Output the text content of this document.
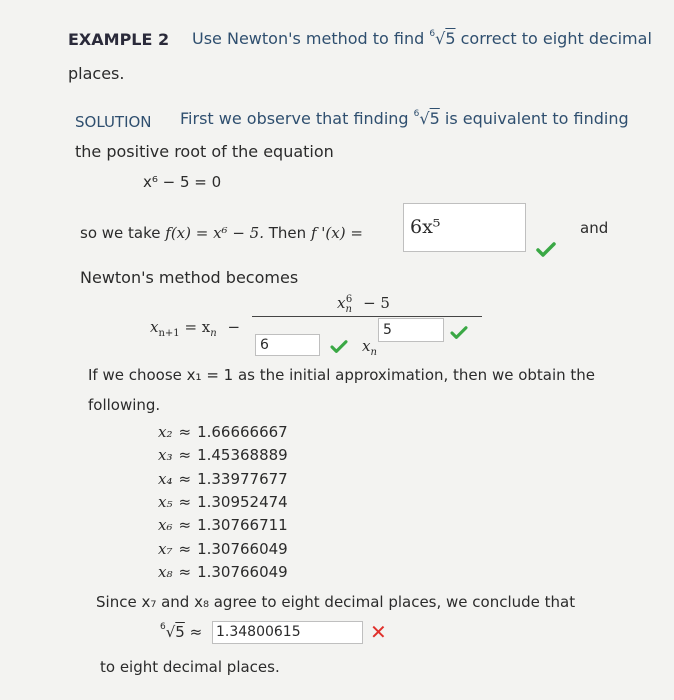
EXAMPLE 2 Use Newton's method to find $^6$√5 correct to eight decimal
places.
SOLUTION First we observe that finding $^6$√5 is equivalent to finding
the positive root of the equation
x⁶ − 5 = 0
so we take f(x) = x⁶ − 5. Then f '(x) = 6x⁵	and
Newton's method becomes
$x_{n+1} = x_n$ −
$x_n^6 - 5$
6	$x_n$
5
If we choose x₁ = 1 as the initial approximation, then we obtain the
following.
x₂ ≈ 1.66666667
x₃ ≈ 1.45368889
x₄ ≈ 1.33977677
x₅ ≈ 1.30952474
x₆ ≈ 1.30766711
x₇ ≈ 1.30766049
x₈ ≈ 1.30766049
Since x₇ and x₈ agree to eight decimal places, we conclude that
$^6$√5 ≈ 1.34800615	✕
to eight decimal places.
